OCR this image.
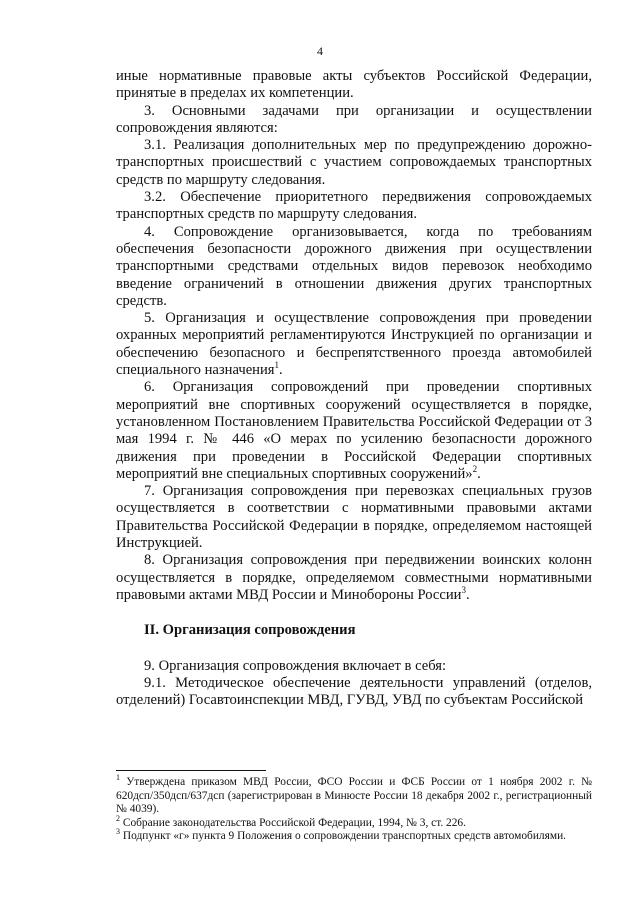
4

иные нормативные правовые акты субъектов Российской Федерации, принятые в пределах их компетенции.

3. Основными задачами при организации и осуществлении сопровождения являются:

3.1. Реализация дополнительных мер по предупреждению дорожно-транспортных происшествий с участием сопровождаемых транспортных средств по маршруту следования.

3.2. Обеспечение приоритетного передвижения сопровождаемых транспортных средств по маршруту следования.

4. Сопровождение организовывается, когда по требованиям обеспечения безопасности дорожного движения при осуществлении транспортными средствами отдельных видов перевозок необходимо введение ограничений в отношении движения других транспортных средств.

5. Организация и осуществление сопровождения при проведении охранных мероприятий регламентируются Инструкцией по организации и обеспечению безопасного и беспрепятственного проезда автомобилей специального назначения$^1$.

6. Организация сопровождений при проведении спортивных мероприятий вне спортивных сооружений осуществляется в порядке, установленном Постановлением Правительства Российской Федерации от 3 мая 1994 г. № 446 «О мерах по усилению безопасности дорожного движения при проведении в Российской Федерации спортивных мероприятий вне специальных спортивных сооружений»$^2$.

7. Организация сопровождения при перевозках специальных грузов осуществляется в соответствии с нормативными правовыми актами Правительства Российской Федерации в порядке, определяемом настоящей Инструкцией.

8. Организация сопровождения при передвижении воинских колонн осуществляется в порядке, определяемом совместными нормативными правовыми актами МВД России и Минобороны России$^3$.

II. Организация сопровождения

9. Организация сопровождения включает в себя:

9.1. Методическое обеспечение деятельности управлений (отделов, отделений) Госавтоинспекции МВД, ГУВД, УВД по субъектам Российской

$^1$ Утверждена приказом МВД России, ФСО России и ФСБ России от 1 ноября 2002 г. № 620дсп/350дсп/637дсп (зарегистрирован в Минюсте России 18 декабря 2002 г., регистрационный № 4039).

$^2$ Собрание законодательства Российской Федерации, 1994, № 3, ст. 226.

$^3$ Подпункт «г» пункта 9 Положения о сопровождении транспортных средств автомобилями.
